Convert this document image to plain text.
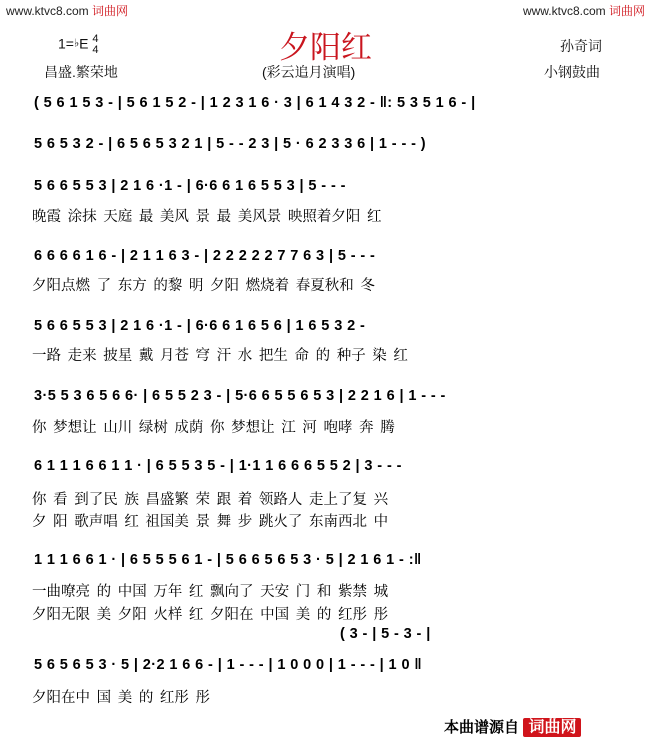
www.ktvc8.com 词曲网	www.ktvc8.com 词曲网
夕阳红
1=♭E 4
4	孙奇词
昌盛.繁荣地	(彩云追月演唱)	小钢鼓曲
( 5 6 1 5 3 - | 5 6 1 5 2 - | 1 2 3 1 6 · 3 | 6 1 4 3 2 - ‖: 5 3 5 1 6 - |
5 6 5 3 2 - | 6 5 6 5 3 2 1 | 5 - - 2 3 | 5 · 6 2 3 3 6 | 1 - - - )
5 6 6 5 5 3 | 2 1 6 ·1 - | 6·6 6 1 6 5 5 3 | 5 - - -
晚霞 涂抹 天庭 最 美风 景 最 美风景 映照着夕阳 红
6 6 6 6 1 6 - | 2 1 1 6 3 - | 2 2 2 2 2 7 7 6 3 | 5 - - -
夕阳点燃 了 东方 的黎 明 夕阳 燃烧着 春夏秋和 冬
5 6 6 5 5 3 | 2 1 6 ·1 - | 6·6 6 1 6 5 6 | 1 6 5 3 2 -
一路 走来 披星 戴 月苍 穹 汗 水 把生 命 的 种子 染 红
3·5 5 3 6 5 6 6· | 6 5 5 2 3 - | 5·6 6 5 5 6 5 3 | 2 2 1 6 | 1 - - -
你 梦想让 山川 绿树 成荫 你 梦想让 江 河 咆哮 奔 腾
6 1 1 1 6 6 1 1 · | 6 5 5 3 5 - | 1·1 1 6 6 6 5 5 2 | 3 - - -
你 看 到了民 族 昌盛繁 荣 跟 着 领路人 走上了复 兴
夕 阳 歌声唱 红 祖国美 景 舞 步 跳火了 东南西北 中
1 1 1 6 6 1 · | 6 5 5 5 6 1 - | 5 6 6 5 6 5 3 · 5 | 2 1 6 1 - :‖
一曲嘹亮 的 中国 万年 红 飘向了 天安 门 和 紫禁 城
夕阳无限 美 夕阳 火样 红 夕阳在 中国 美 的 红彤 彤
( 3 - | 5 - 3 - |
5 6 5 6 5 3 · 5 | 2·2 1 6 6 - | 1 - - - | 1 0 0 0 | 1 - - - | 1 0 ‖
夕阳在中 国 美 的 红彤 彤
本曲谱源自 词曲网
